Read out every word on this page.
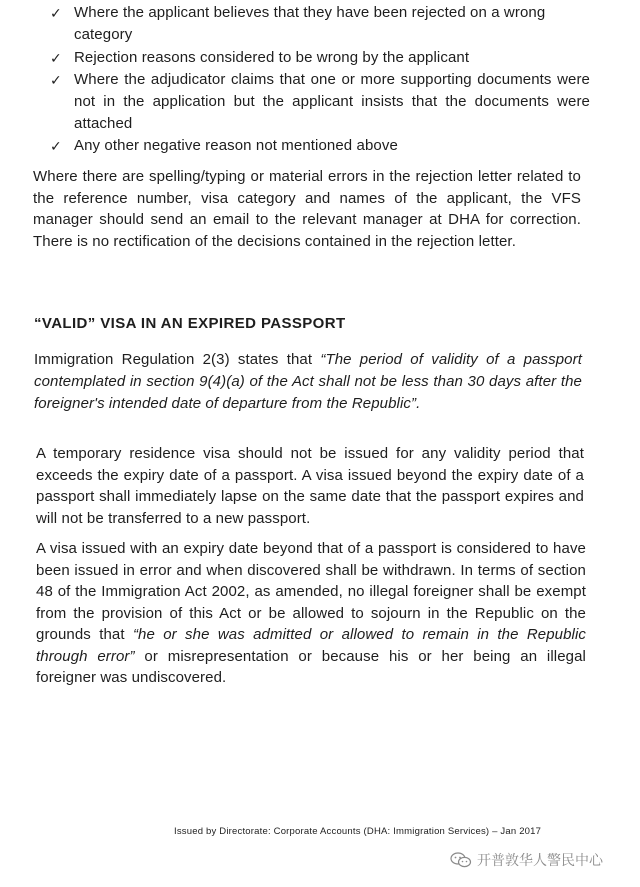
✓ Where the applicant believes that they have been rejected on a wrong category
✓ Rejection reasons considered to be wrong by the applicant
✓ Where the adjudicator claims that one or more supporting documents were not in the application but the applicant insists that the documents were attached
✓ Any other negative reason not mentioned above

Where there are spelling/typing or material errors in the rejection letter related to the reference number, visa category and names of the applicant, the VFS manager should send an email to the relevant manager at DHA for correction. There is no rectification of the decisions contained in the rejection letter.

“VALID” VISA IN AN EXPIRED PASSPORT

Immigration Regulation 2(3) states that “The period of validity of a passport contemplated in section 9(4)(a) of the Act shall not be less than 30 days after the foreigner's intended date of departure from the Republic”.

A temporary residence visa should not be issued for any validity period that exceeds the expiry date of a passport. A visa issued beyond the expiry date of a passport shall immediately lapse on the same date that the passport expires and will not be transferred to a new passport.

A visa issued with an expiry date beyond that of a passport is considered to have been issued in error and when discovered shall be withdrawn. In terms of section 48 of the Immigration Act 2002, as amended, no illegal foreigner shall be exempt from the provision of this Act or be allowed to sojourn in the Republic on the grounds that “he or she was admitted or allowed to remain in the Republic through error” or misrepresentation or because his or her being an illegal foreigner was undiscovered.

Issued by Directorate: Corporate Accounts (DHA: Immigration Services) – Jan 2017
开普敦华人警民中心
